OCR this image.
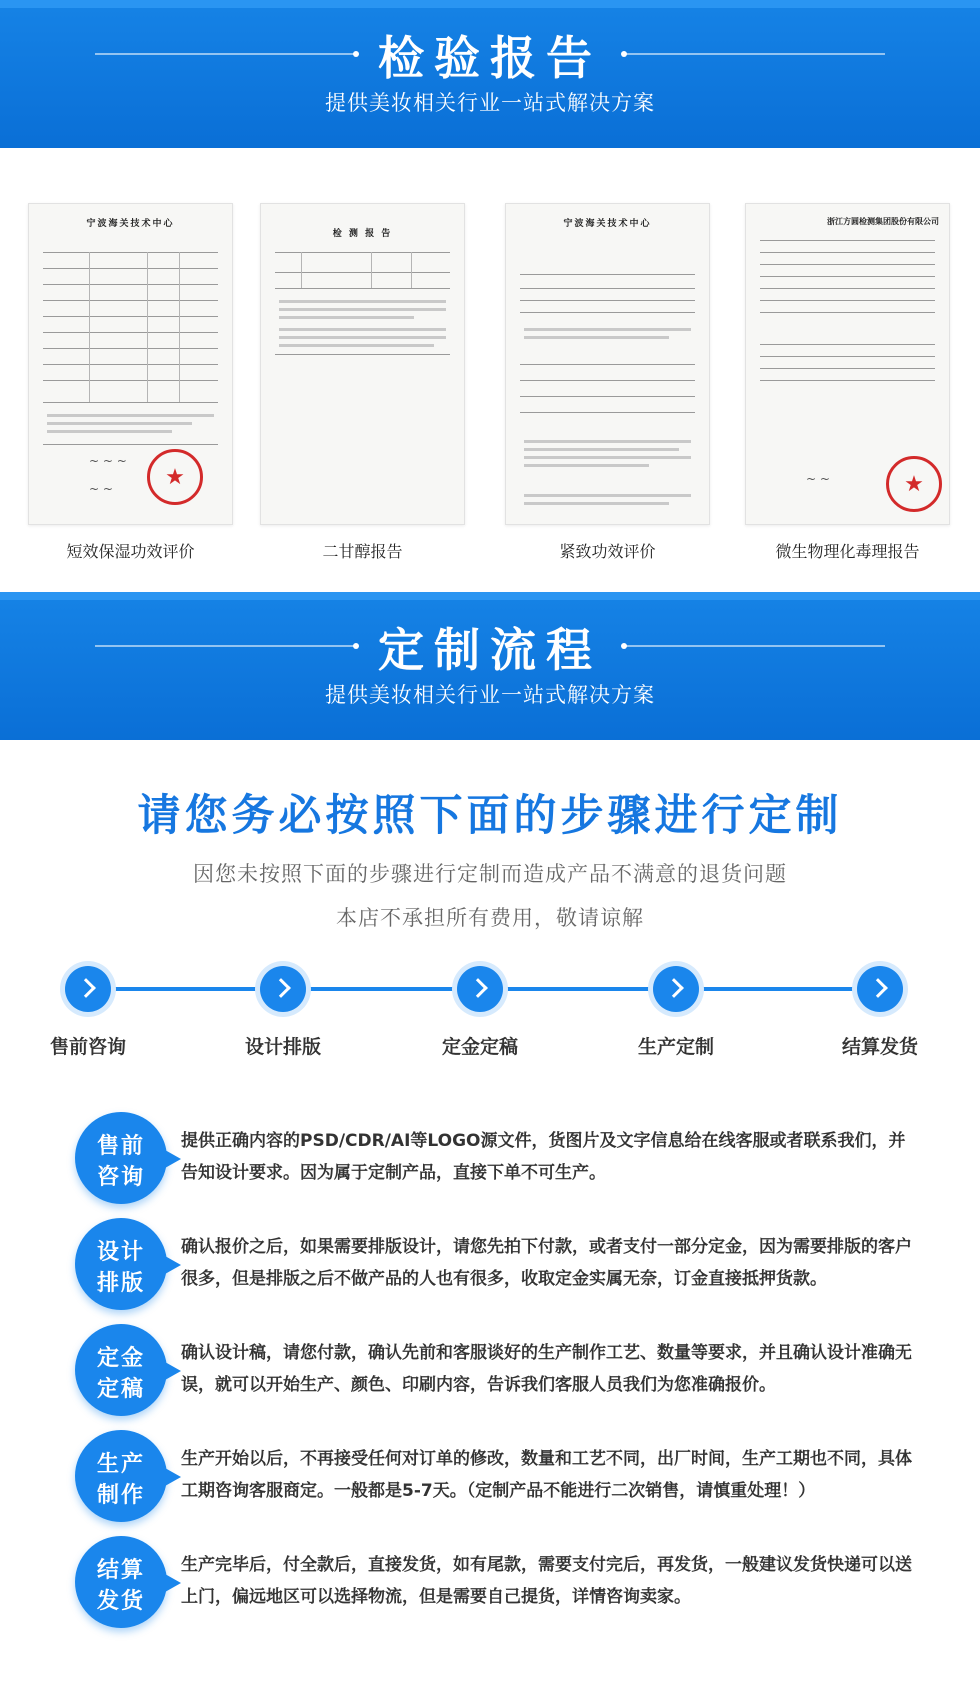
检验报告
提供美妆相关行业一站式解决方案
宁波海关技术中心
★
~ ~ ~
~ ~
短效保湿功效评价
检 测 报 告
二甘醇报告
宁波海关技术中心
紧致功效评价
浙江方圆检测集团股份有限公司
★
~ ~
微生物理化毒理报告
定制流程
提供美妆相关行业一站式解决方案
请您务必按照下面的步骤进行定制
因您未按照下面的步骤进行定制而造成产品不满意的退货问题
本店不承担所有费用，敬请谅解
售前咨询	设计排版	定金定稿	生产定制	结算发货
售前
咨询
提供正确内容的PSD/CDR/AI等LOGO源文件，货图片及文字信息给在线客服或者联系我们，并告知设计要求。因为属于定制产品，直接下单不可生产。
设计
排版
确认报价之后，如果需要排版设计，请您先拍下付款，或者支付一部分定金，因为需要排版的客户很多，但是排版之后不做产品的人也有很多，收取定金实属无奈，订金直接抵押货款。
定金
定稿
确认设计稿，请您付款，确认先前和客服谈好的生产制作工艺、数量等要求，并且确认设计准确无误，就可以开始生产、颜色、印刷内容，告诉我们客服人员我们为您准确报价。
生产
制作
生产开始以后，不再接受任何对订单的修改，数量和工艺不同，出厂时间，生产工期也不同，具体工期咨询客服商定。一般都是5-7天。（定制产品不能进行二次销售，请慎重处理！）
结算
发货
生产完毕后，付全款后，直接发货，如有尾款，需要支付完后，再发货，一般建议发货快递可以送上门，偏远地区可以选择物流，但是需要自己提货，详情咨询卖家。
